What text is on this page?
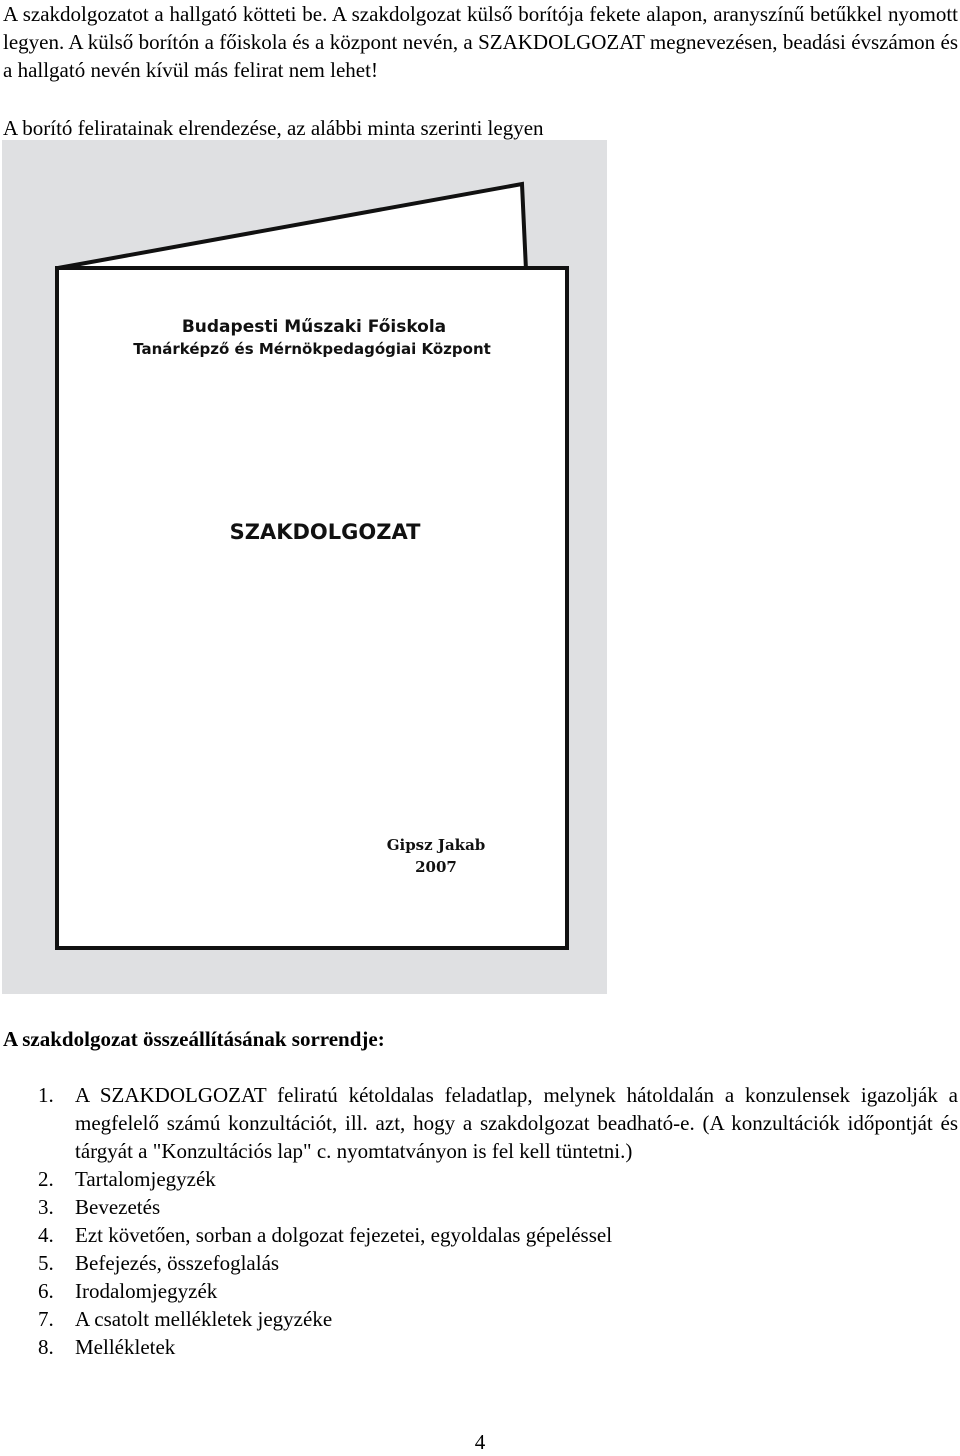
A szakdolgozatot a hallgató kötteti be. A szakdolgozat külső borítója fekete alapon, aranyszínű betűkkel nyomott legyen. A külső borítón a főiskola és a központ nevén, a SZAKDOLGOZAT megnevezésen, beadási évszámon és a hallgató nevén kívül más felirat nem lehet!

A borító feliratainak elrendezése, az alábbi minta szerinti legyen

Budapesti Műszaki Főiskola
Tanárképző és Mérnökpedagógiai Központ
SZAKDOLGOZAT
Gipsz Jakab
2007

A szakdolgozat összeállításának sorrendje:

1. A SZAKDOLGOZAT feliratú kétoldalas feladatlap, melynek hátoldalán a konzulensek igazolják a megfelelő számú konzultációt, ill. azt, hogy a szakdolgozat beadható-e. (A konzultációk időpontját és tárgyát a "Konzultációs lap" c. nyomtatványon is fel kell tüntetni.)
2. Tartalomjegyzék
3. Bevezetés
4. Ezt követően, sorban a dolgozat fejezetei, egyoldalas gépeléssel
5. Befejezés, összefoglalás
6. Irodalomjegyzék
7. A csatolt mellékletek jegyzéke
8. Mellékletek
4
